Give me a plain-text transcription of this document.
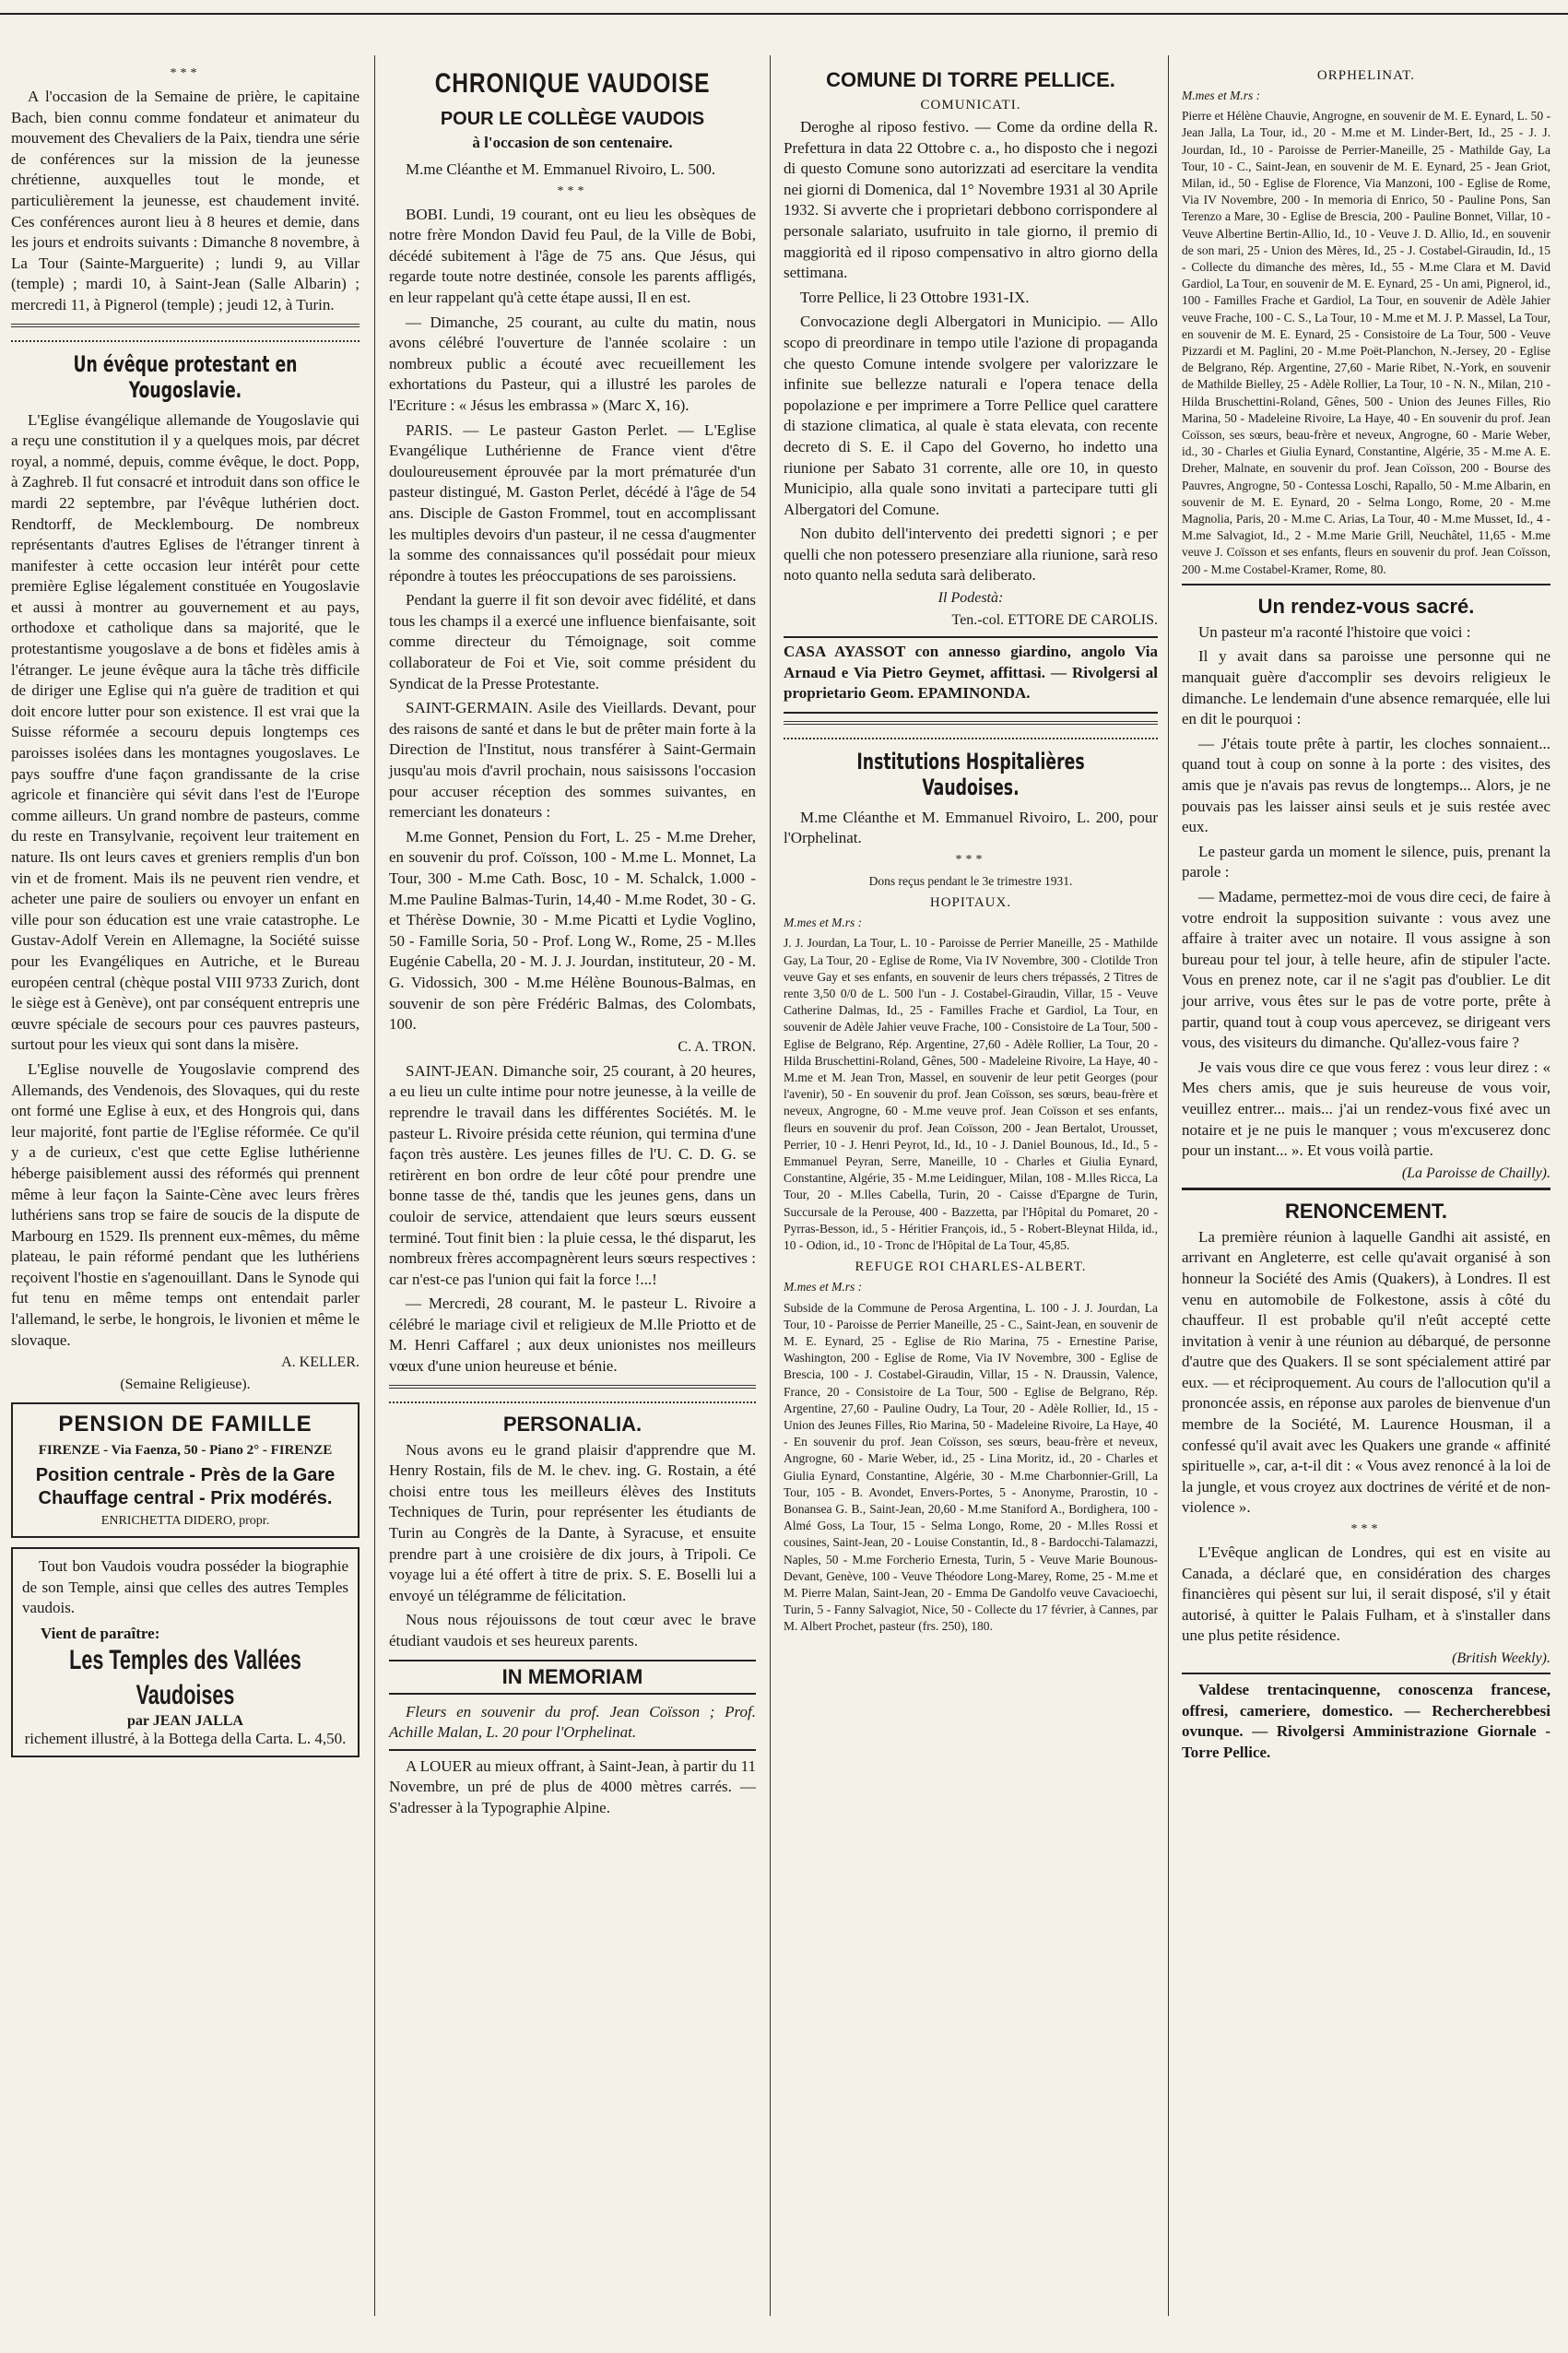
***

A l'occasion de la Semaine de prière, le capitaine Bach, bien connu comme fondateur et animateur du mouvement des Chevaliers de la Paix, tiendra une série de conférences sur la mission de la jeunesse chrétienne, auxquelles tout le monde, et particulièrement la jeunesse, est chaudement invité. Ces conférences auront lieu à 8 heures et demie, dans les jours et endroits suivants : Dimanche 8 novembre, à La Tour (Sainte-Marguerite) ; lundi 9, au Villar (temple) ; mardi 10, à Saint-Jean (Salle Albarin) ; mercredi 11, à Pignerol (temple) ; jeudi 12, à Turin.

Un évêque protestant en Yougoslavie.

L'Eglise évangélique allemande de Yougoslavie qui a reçu une constitution il y a quelques mois, par décret royal, a nommé, depuis, comme évêque, le doct. Popp, à Zaghreb. Il fut consacré et introduit dans son office le mardi 22 septembre, par l'évêque luthérien doct. Rendtorff, de Mecklembourg. De nombreux représentants d'autres Eglises de l'étranger tinrent à manifester à cette occasion leur intérêt pour cette première Eglise légalement constituée en Yougoslavie et aussi à montrer au gouvernement et au pays, orthodoxe et catholique dans sa majorité, que le protestantisme yougoslave a de bons et fidèles amis à l'étranger. Le jeune évêque aura la tâche très difficile de diriger une Eglise qui n'a guère de tradition et qui doit encore lutter pour son existence. Il est vrai que la Suisse réformée a secouru depuis longtemps ces paroisses isolées dans les montagnes yougoslaves. Le pays souffre d'une façon grandissante de la crise agricole et financière qui sévit dans l'est de l'Europe comme ailleurs. Un grand nombre de pasteurs, comme du reste en Transylvanie, reçoivent leur traitement en nature. Ils ont leurs caves et greniers remplis d'un bon vin et de froment. Mais ils ne peuvent rien vendre, et acheter une paire de souliers ou envoyer un enfant en ville pour son éducation est une vraie catastrophe. Le Gustav-Adolf Verein en Allemagne, la Société suisse pour les Evangéliques en Autriche, et le Bureau européen central (chèque postal VIII 9733 Zurich, dont le siège est à Genève), ont par conséquent entrepris une œuvre spéciale de secours pour ces pauvres pasteurs, surtout pour les vieux qui sont dans la misère.

L'Eglise nouvelle de Yougoslavie comprend des Allemands, des Vendenois, des Slovaques, qui du reste ont formé une Eglise à eux, et des Hongrois qui, dans leur majorité, font partie de l'Eglise réformée. Ce qu'il y a de curieux, c'est que cette Eglise luthérienne héberge paisiblement aussi des réformés qui prennent même à leur façon la Sainte-Cène avec leurs frères luthériens sans trop se faire de soucis de la dispute de Marbourg en 1529. Ils prennent eux-mêmes, du même plateau, le pain réformé pendant que les luthériens reçoivent l'hostie en s'agenouillant. Dans le Synode qui fut tenu en même temps ont entendait parler l'allemand, le serbe, le hongrois, le livonien et même le slovaque.

A. KELLER.
(Semaine Religieuse).
PENSION DE FAMILLE
FIRENZE - Via Faenza, 50 - Piano 2° - FIRENZE
Position centrale - Près de la Gare Chauffage central - Prix modérés.
ENRICHETTA DIDERO, propr.

Tout bon Vaudois voudra posséder la biographie de son Temple, ainsi que celles des autres Temples vaudois.

Vient de paraître:
Les Temples des Vallées Vaudoises
par JEAN JALLA
richement illustré, à la Bottega della Carta. L. 4,50.
CHRONIQUE VAUDOISE
POUR LE COLLÈGE VAUDOIS
à l'occasion de son centenaire.

M.me Cléanthe et M. Emmanuel Rivoiro, L. 500.

***

BOBI. Lundi, 19 courant, ont eu lieu les obsèques de notre frère Mondon David feu Paul, de la Ville de Bobi, décédé subitement à l'âge de 75 ans. Que Jésus, qui regarde toute notre destinée, console les parents affligés, en leur rappelant qu'à cette étape aussi, Il en est.

— Dimanche, 25 courant, au culte du matin, nous avons célébré l'ouverture de l'année scolaire : un nombreux public a écouté avec recueillement les exhortations du Pasteur, qui a illustré les paroles de l'Ecriture : « Jésus les embrassa » (Marc X, 16).

PARIS. — Le pasteur Gaston Perlet. — L'Eglise Evangélique Luthérienne de France vient d'être douloureusement éprouvée par la mort prématurée d'un pasteur distingué, M. Gaston Perlet, décédé à l'âge de 54 ans. Disciple de Gaston Frommel, tout en accomplissant les multiples devoirs d'un pasteur, il ne cessa d'augmenter la somme des connaissances qu'il possédait pour mieux répondre à toutes les préoccupations de ses paroissiens.

Pendant la guerre il fit son devoir avec fidélité, et dans tous les champs il a exercé une influence bienfaisante, soit comme directeur du Témoignage, soit comme collaborateur de Foi et Vie, soit comme président du Syndicat de la Presse Protestante.

SAINT-GERMAIN. Asile des Vieillards. Devant, pour des raisons de santé et dans le but de prêter main forte à la Direction de l'Institut, nous transférer à Saint-Germain jusqu'au mois d'avril prochain, nous saisissons l'occasion pour accuser réception des sommes suivantes, en remerciant les donateurs :

M.me Gonnet, Pension du Fort, L. 25 - M.me Dreher, en souvenir du prof. Coïsson, 100 - M.me L. Monnet, La Tour, 300 - M.me Cath. Bosc, 10 - M. Schalck, 1.000 - M.me Pauline Balmas-Turin, 14,40 - M.me Rodet, 30 - G. et Thérèse Downie, 30 - M.me Picatti et Lydie Voglino, 50 - Famille Soria, 50 - Prof. Long W., Rome, 25 - M.lles Eugénie Cabella, 20 - M. J. J. Jourdan, instituteur, 20 - M. G. Vidossich, 300 - M.me Hélène Bounous-Balmas, en souvenir de son père Frédéric Balmas, des Colombats, 100.

C. A. TRON.

SAINT-JEAN. Dimanche soir, 25 courant, à 20 heures, a eu lieu un culte intime pour notre jeunesse, à la veille de reprendre le travail dans les différentes Sociétés. M. le pasteur L. Rivoire présida cette réunion, qui termina d'une façon très austère. Les jeunes filles de l'U. C. D. G. se retirèrent en bon ordre de leur côté pour prendre une bonne tasse de thé, tandis que les jeunes gens, dans un couloir de service, attendaient que leurs sœurs eussent terminé. Tout finit bien : la pluie cessa, le thé disparut, les nombreux frères accompagnèrent leurs sœurs respectives : car n'est-ce pas l'union qui fait la force !...!

— Mercredi, 28 courant, M. le pasteur L. Rivoire a célébré le mariage civil et religieux de M.lle Priotto et de M. Henri Caffarel ; aux deux unionistes nos meilleurs vœux d'une union heureuse et bénie.

PERSONALIA.

Nous avons eu le grand plaisir d'apprendre que M. Henry Rostain, fils de M. le chev. ing. G. Rostain, a été choisi entre tous les meilleurs élèves des Instituts Techniques de Turin, pour représenter les étudiants de Turin au Congrès de la Dante, à Syracuse, et ensuite prendre part à une croisière de dix jours, à Tripoli. Ce voyage lui a été offert à titre de prix. S. E. Boselli lui a envoyé un télégramme de félicitation.

Nous nous réjouissons de tout cœur avec le brave étudiant vaudois et ses heureux parents.

IN MEMORIAM

Fleurs en souvenir du prof. Jean Coïsson ; Prof. Achille Malan, L. 20 pour l'Orphelinat.

A LOUER au mieux offrant, à Saint-Jean, à partir du 11 Novembre, un pré de plus de 4000 mètres carrés. — S'adresser à la Typographie Alpine.

COMUNE DI TORRE PELLICE.
COMUNICATI.

Deroghe al riposo festivo. — Come da ordine della R. Prefettura in data 22 Ottobre c. a., ho disposto che i negozi di questo Comune sono autorizzati ad esercitare la vendita nei giorni di Domenica, dal 1° Novembre 1931 al 30 Aprile 1932. Si avverte che i proprietari debbono corrispondere al personale salariato, usufruito in tale giorno, il premio di maggiorità ed il riposo compensativo in altro giorno della settimana.

Torre Pellice, li 23 Ottobre 1931-IX.

Convocazione degli Albergatori in Municipio. — Allo scopo di preordinare in tempo utile l'azione di propaganda che questo Comune intende svolgere per valorizzare le infinite sue bellezze naturali e l'opera tenace della popolazione e per imprimere a Torre Pellice quel carattere di stazione climatica, al quale è stata elevata, con recente decreto di S. E. il Capo del Governo, ho indetto una riunione per Sabato 31 corrente, alle ore 10, in questo Municipio, alla quale sono invitati a partecipare tutti gli Albergatori del Comune.

Non dubito dell'intervento dei predetti signori ; e per quelli che non potessero presenziare alla riunione, sarà reso noto quanto nella seduta sarà deliberato.

Il Podestà:
Ten.-col. ETTORE DE CAROLIS.

CASA AYASSOT con annesso giardino, angolo Via Arnaud e Via Pietro Geymet, affittasi. — Rivolgersi al proprietario Geom. EPAMINONDA.

Institutions Hospitalières Vaudoises.

M.me Cléanthe et M. Emmanuel Rivoiro, L. 200, pour l'Orphelinat.

***

Dons reçus pendant le 3e trimestre 1931.

HOPITAUX.

M.mes et M.rs :

J. J. Jourdan, La Tour, L. 10 - Paroisse de Perrier Maneille, 25 - Mathilde Gay, La Tour, 20 - Eglise de Rome, Via IV Novembre, 300 - Clotilde Tron veuve Gay et ses enfants, en souvenir de leurs chers trépassés, 2 Titres de rente 3,50 0/0 de L. 500 l'un - J. Costabel-Giraudin, Villar, 15 - Veuve Catherine Dalmas, Id., 25 - Familles Frache et Gardiol, La Tour, en souvenir de Adèle Jahier veuve Frache, 100 - Consistoire de La Tour, 500 - Eglise de Belgrano, Rép. Argentine, 27,60 - Adèle Rollier, La Tour, 20 - Hilda Bruschettini-Roland, Gênes, 500 - Madeleine Rivoire, La Haye, 40 - M.me et M. Jean Tron, Massel, en souvenir de leur petit Georges (pour l'avenir), 50 - En souvenir du prof. Jean Coïsson, ses sœurs, beau-frère et neveux, Angrogne, 60 - M.me veuve prof. Jean Coïsson et ses enfants, fleurs en souvenir du prof. Jean Coïsson, 200 - Jean Bertalot, Urousset, Perrier, 10 - J. Henri Peyrot, Id., Id., 10 - J. Daniel Bounous, Id., Id., 5 - Emmanuel Peyran, Serre, Maneille, 10 - Charles et Giulia Eynard, Constantine, Algérie, 35 - M.me Leidinguer, Milan, 108 - M.lles Ricca, La Tour, 20 - M.lles Cabella, Turin, 20 - Caisse d'Epargne de Turin, Succursale de la Perouse, 400 - Bazzetta, par l'Hôpital du Pomaret, 20 - Pyrras-Besson, id., 5 - Héritier François, id., 5 - Robert-Bleynat Hilda, id., 10 - Odion, id., 10 - Tronc de l'Hôpital de La Tour, 45,85.

REFUGE ROI CHARLES-ALBERT.

M.mes et M.rs :

Subside de la Commune de Perosa Argentina, L. 100 - J. J. Jourdan, La Tour, 10 - Paroisse de Perrier Maneille, 25 - C., Saint-Jean, en souvenir de M. E. Eynard, 25 - Eglise de Rio Marina, 75 - Ernestine Parise, Washington, 200 - Eglise de Rome, Via IV Novembre, 300 - Eglise de Brescia, 100 - J. Costabel-Giraudin, Villar, 15 - N. Draussin, Valence, France, 20 - Consistoire de La Tour, 500 - Eglise de Belgrano, Rép. Argentine, 27,60 - Pauline Oudry, La Tour, 20 - Adèle Rollier, Id., 15 - Union des Jeunes Filles, Rio Marina, 50 - Madeleine Rivoire, La Haye, 40 - En souvenir du prof. Jean Coïsson, ses sœurs, beau-frère et neveux, Angrogne, 60 - Marie Weber, id., 25 - Lina Moritz, id., 20 - Charles et Giulia Eynard, Constantine, Algérie, 30 - M.me Charbonnier-Grill, La Tour, 105 - B. Avondet, Envers-Portes, 5 - Anonyme, Prarostin, 10 - Bonansea G. B., Saint-Jean, 20,60 - M.me Staniford A., Bordighera, 100 - Almé Goss, La Tour, 15 - Selma Longo, Rome, 20 - M.lles Rossi et cousines, Saint-Jean, 20 - Louise Constantin, Id., 8 - Bardocchi-Talamazzi, Naples, 50 - M.me Forcherio Ernesta, Turin, 5 - Veuve Marie Bounous-Devant, Genève, 100 - Veuve Théodore Long-Marey, Rome, 25 - M.me et M. Pierre Malan, Saint-Jean, 20 - Emma De Gandolfo veuve Cavacioechi, Turin, 5 - Fanny Salvagiot, Nice, 50 - Collecte du 17 février, à Cannes, par M. Albert Prochet, pasteur (frs. 250), 180.

ORPHELINAT.

M.mes et M.rs :

Pierre et Hélène Chauvie, Angrogne, en souvenir de M. E. Eynard, L. 50 - Jean Jalla, La Tour, id., 20 - M.me et M. Linder-Bert, Id., 25 - J. J. Jourdan, Id., 10 - Paroisse de Perrier-Maneille, 25 - Mathilde Gay, La Tour, 10 - C., Saint-Jean, en souvenir de M. E. Eynard, 25 - Jean Griot, Milan, id., 50 - Eglise de Florence, Via Manzoni, 100 - Eglise de Rome, Via IV Novembre, 200 - In memoria di Enrico, 50 - Pauline Pons, San Terenzo a Mare, 30 - Eglise de Brescia, 200 - Pauline Bonnet, Villar, 10 - Veuve Albertine Bertin-Allio, Id., 10 - Veuve J. D. Allio, Id., en souvenir de son mari, 25 - Union des Mères, Id., 25 - J. Costabel-Giraudin, Id., 15 - Collecte du dimanche des mères, Id., 55 - M.me Clara et M. David Gardiol, La Tour, en souvenir de M. E. Eynard, 25 - Un ami, Pignerol, id., 100 - Familles Frache et Gardiol, La Tour, en souvenir de Adèle Jahier veuve Frache, 100 - C. S., La Tour, 10 - M.me et M. J. P. Massel, La Tour, en souvenir de M. E. Eynard, 25 - Consistoire de La Tour, 500 - Veuve Pizzardi et M. Paglini, 20 - M.me Poët-Planchon, N.-Jersey, 20 - Eglise de Belgrano, Rép. Argentine, 27,60 - Marie Ribet, N.-York, en souvenir de Mathilde Bielley, 25 - Adèle Rollier, La Tour, 10 - N. N., Milan, 210 - Hilda Bruschettini-Roland, Gênes, 500 - Union des Jeunes Filles, Rio Marina, 50 - Madeleine Rivoire, La Haye, 40 - En souvenir du prof. Jean Coïsson, ses sœurs, beau-frère et neveux, Angrogne, 60 - Marie Weber, id., 30 - Charles et Giulia Eynard, Constantine, Algérie, 35 - M.me A. E. Dreher, Malnate, en souvenir du prof. Jean Coïsson, 200 - Bourse des Pauvres, Angrogne, 50 - Contessa Loschi, Rapallo, 50 - M.me Albarin, en souvenir de M. E. Eynard, 20 - Selma Longo, Rome, 20 - M.me Magnolia, Paris, 20 - M.me C. Arias, La Tour, 40 - M.me Musset, Id., 4 - M.me Salvagiot, Id., 2 - M.me Marie Grill, Neuchâtel, 11,65 - M.me veuve J. Coïsson et ses enfants, fleurs en souvenir du prof. Jean Coïsson, 200 - M.me Costabel-Kramer, Rome, 80.

Un rendez-vous sacré.

Un pasteur m'a raconté l'histoire que voici :

Il y avait dans sa paroisse une personne qui ne manquait guère d'accomplir ses devoirs religieux le dimanche. Le lendemain d'une absence remarquée, elle lui en dit le pourquoi :

— J'étais toute prête à partir, les cloches sonnaient... quand tout à coup on sonne à la porte : des visites, des amis que je n'avais pas revus de longtemps... Alors, je ne pouvais pas les laisser ainsi seuls et je suis restée avec eux.

Le pasteur garda un moment le silence, puis, prenant la parole :

— Madame, permettez-moi de vous dire ceci, de faire à votre endroit la supposition suivante : vous avez une affaire à traiter avec un notaire. Il vous assigne à son bureau pour tel jour, à telle heure, afin de stipuler l'acte. Vous en prenez note, car il ne s'agit pas d'oublier. Le dit jour arrive, vous êtes sur le pas de votre porte, prête à partir, quand tout à coup vous apercevez, se dirigeant vers vous, des visiteurs du dimanche. Qu'allez-vous faire ?

Je vais vous dire ce que vous ferez : vous leur direz : « Mes chers amis, que je suis heureuse de vous voir, veuillez entrer... mais... j'ai un rendez-vous fixé avec un notaire et je ne puis le manquer ; vous m'excuserez donc pour un instant... ». Et vous voilà partie.

(La Paroisse de Chailly).
RENONCEMENT.

La première réunion à laquelle Gandhi ait assisté, en arrivant en Angleterre, est celle qu'avait organisé à son honneur la Société des Amis (Quakers), à Londres. Il est venu en automobile de Folkestone, assis à côté du chauffeur. Il est probable qu'il n'eût accepté cette invitation à venir à une réunion au débarqué, de personne d'autre que des Quakers. Il se sont spécialement attiré par eux. — et réciproquement. Au cours de l'allocution qu'il a prononcée assis, en réponse aux paroles de bienvenue d'un membre de la Société, M. Laurence Housman, il a confessé qu'il avait avec les Quakers une grande « affinité spirituelle », car, a-t-il dit : « Vous avez renoncé à la loi de la jungle, et vous croyez aux doctrines de vérité et de non-violence ».

***

L'Evêque anglican de Londres, qui est en visite au Canada, a déclaré que, en considération des charges financières qui pèsent sur lui, il serait disposé, s'il y était autorisé, à quitter le Palais Fulham, et à s'installer dans une plus petite résidence.

(British Weekly).

Valdese trentacinquenne, conoscenza francese, offresi, cameriere, domestico. — Rechercherebbesi ovunque. — Rivolgersi Amministrazione Giornale - Torre Pellice.
